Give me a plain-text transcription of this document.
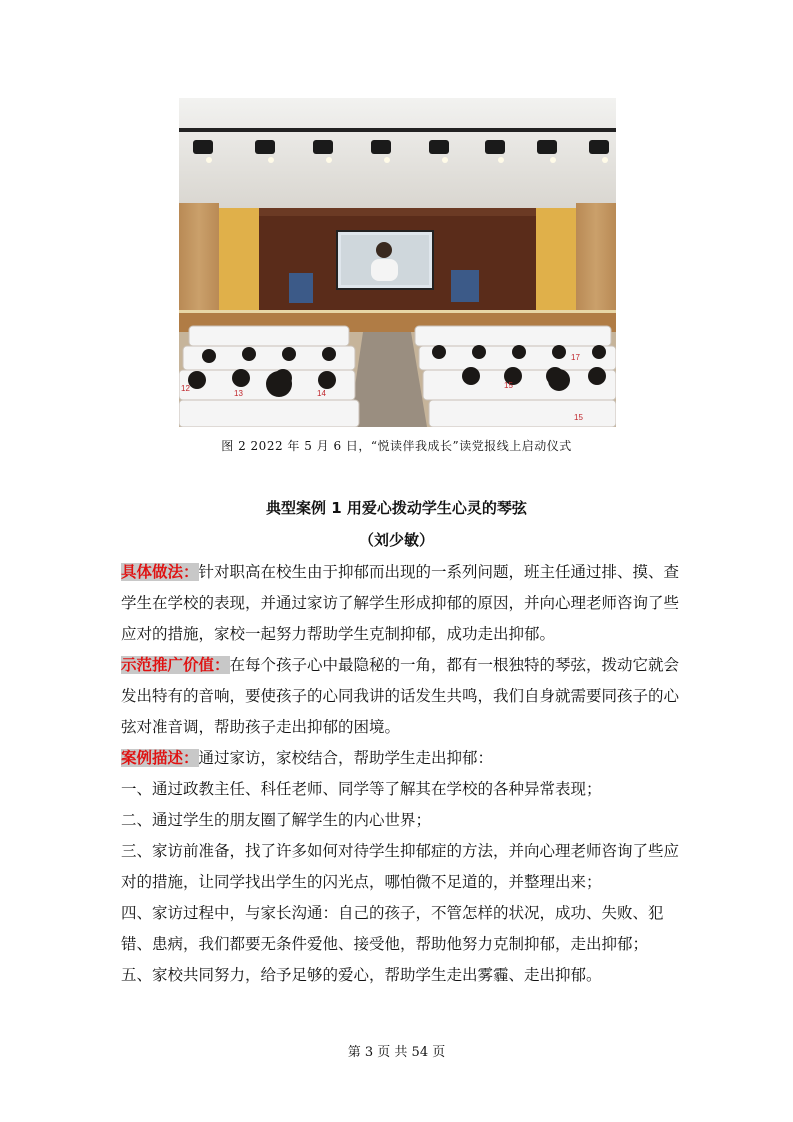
12
13	14
15
15
17
图 2 2022 年 5 月 6 日，“悦读伴我成长”读党报线上启动仪式
典型案例 1 用爱心拨动学生心灵的琴弦
（刘少敏）

具体做法：针对职高在校生由于抑郁而出现的一系列问题，班主任通过排、摸、查学生在学校的表现，并通过家访了解学生形成抑郁的原因，并向心理老师咨询了些应对的措施，家校一起努力帮助学生克制抑郁，成功走出抑郁。

示范推广价值：在每个孩子心中最隐秘的一角，都有一根独特的琴弦，拨动它就会发出特有的音响，要使孩子的心同我讲的话发生共鸣，我们自身就需要同孩子的心弦对准音调，帮助孩子走出抑郁的困境。

案例描述：通过家访，家校结合，帮助学生走出抑郁：

一、通过政教主任、科任老师、同学等了解其在学校的各种异常表现；

二、通过学生的朋友圈了解学生的内心世界；

三、家访前准备，找了许多如何对待学生抑郁症的方法，并向心理老师咨询了些应对的措施，让同学找出学生的闪光点，哪怕微不足道的，并整理出来；

四、家访过程中，与家长沟通：自己的孩子，不管怎样的状况，成功、失败、犯错、患病，我们都要无条件爱他、接受他，帮助他努力克制抑郁，走出抑郁；

五、家校共同努力，给予足够的爱心，帮助学生走出雾霾、走出抑郁。

第 3 页 共 54 页
